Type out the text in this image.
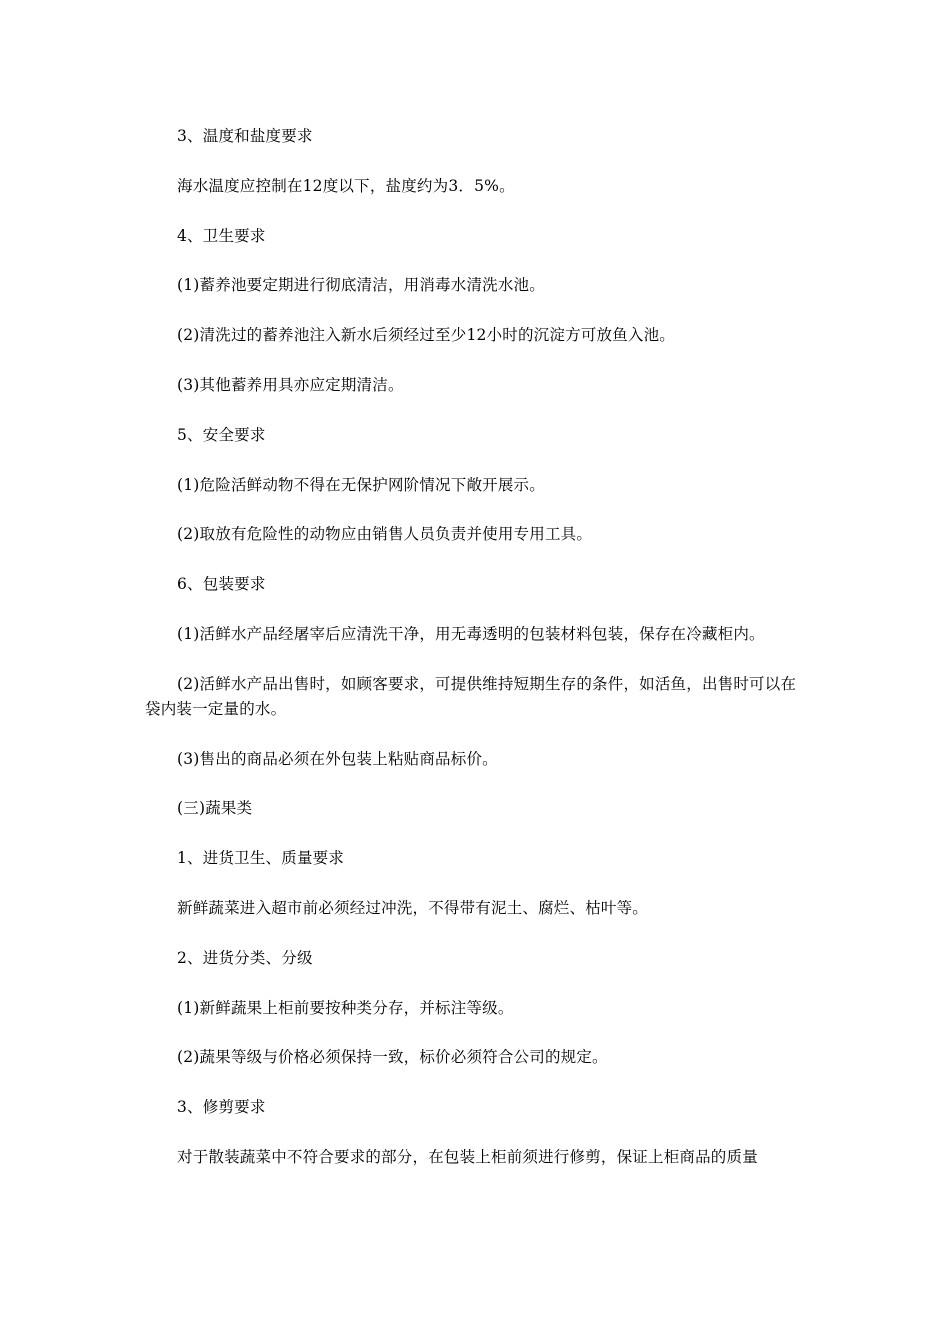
3、温度和盐度要求

海水温度应控制在12度以下，盐度约为3．5%。

4、卫生要求

(1)蓄养池要定期进行彻底清洁，用消毒水清洗水池。

(2)清洗过的蓄养池注入新水后须经过至少12小时的沉淀方可放鱼入池。

(3)其他蓄养用具亦应定期清洁。

5、安全要求

(1)危险活鲜动物不得在无保护网阶情况下敞开展示。

(2)取放有危险性的动物应由销售人员负责并使用专用工具。

6、包装要求

(1)活鲜水产品经屠宰后应清洗干净，用无毒透明的包装材料包装，保存在冷藏柜内。

(2)活鲜水产品出售时，如顾客要求，可提供维持短期生存的条件，如活鱼，出售时可以在袋内装一定量的水。

(3)售出的商品必须在外包装上粘贴商品标价。

(三)蔬果类

1、进货卫生、质量要求

新鲜蔬菜进入超市前必须经过冲洗，不得带有泥土、腐烂、枯叶等。

2、进货分类、分级

(1)新鲜蔬果上柜前要按种类分存，并标注等级。

(2)蔬果等级与价格必须保持一致，标价必须符合公司的规定。

3、修剪要求

对于散装蔬菜中不符合要求的部分，在包装上柜前须进行修剪，保证上柜商品的质量
